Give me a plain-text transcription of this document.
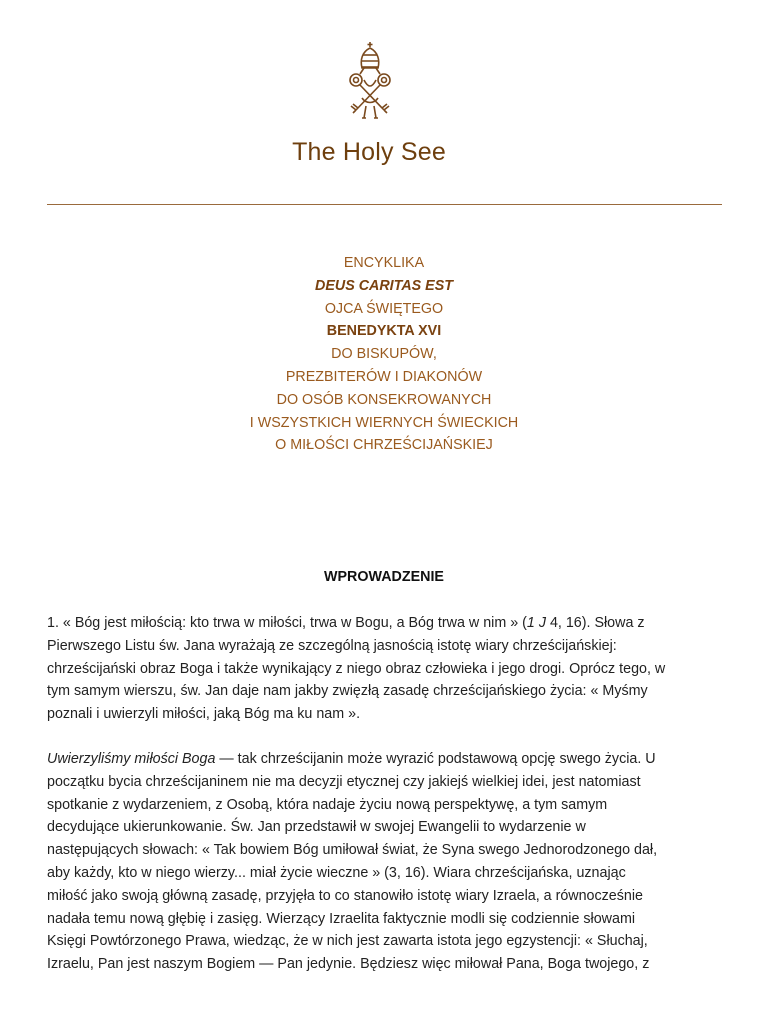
The Holy See
ENCYKLIKA
DEUS CARITAS EST
OJCA ŚWIĘTEGO
BENEDYKTA XVI
DO BISKUPÓW,
PREZBITERÓW I DIAKONÓW
DO OSÓB KONSEKROWANYCH
I WSZYSTKICH WIERNYCH ŚWIECKICH
O MIŁOŚCI CHRZEŚCIJAŃSKIEJ
WPROWADZENIE
1. « Bóg jest miłością: kto trwa w miłości, trwa w Bogu, a Bóg trwa w nim » (1 J 4, 16). Słowa z
Pierwszego Listu św. Jana wyrażają ze szczególną jasnością istotę wiary chrześcijańskiej:
chrześcijański obraz Boga i także wynikający z niego obraz człowieka i jego drogi. Oprócz tego, w
tym samym wierszu, św. Jan daje nam jakby zwięzłą zasadę chrześcijańskiego życia: « Myśmy
poznali i uwierzyli miłości, jaką Bóg ma ku nam ».
Uwierzyliśmy miłości Boga — tak chrześcijanin może wyrazić podstawową opcję swego życia. U
początku bycia chrześcijaninem nie ma decyzji etycznej czy jakiejś wielkiej idei, jest natomiast
spotkanie z wydarzeniem, z Osobą, która nadaje życiu nową perspektywę, a tym samym
decydujące ukierunkowanie. Św. Jan przedstawił w swojej Ewangelii to wydarzenie w
następujących słowach: « Tak bowiem Bóg umiłował świat, że Syna swego Jednorodzonego dał,
aby każdy, kto w niego wierzy... miał życie wieczne » (3, 16). Wiara chrześcijańska, uznając
miłość jako swoją główną zasadę, przyjęła to co stanowiło istotę wiary Izraela, a równocześnie
nadała temu nową głębię i zasięg. Wierzący Izraelita faktycznie modli się codziennie słowami
Księgi Powtórzonego Prawa, wiedząc, że w nich jest zawarta istota jego egzystencji: « Słuchaj,
Izraelu, Pan jest naszym Bogiem — Pan jedynie. Będziesz więc miłował Pana, Boga twojego, z
